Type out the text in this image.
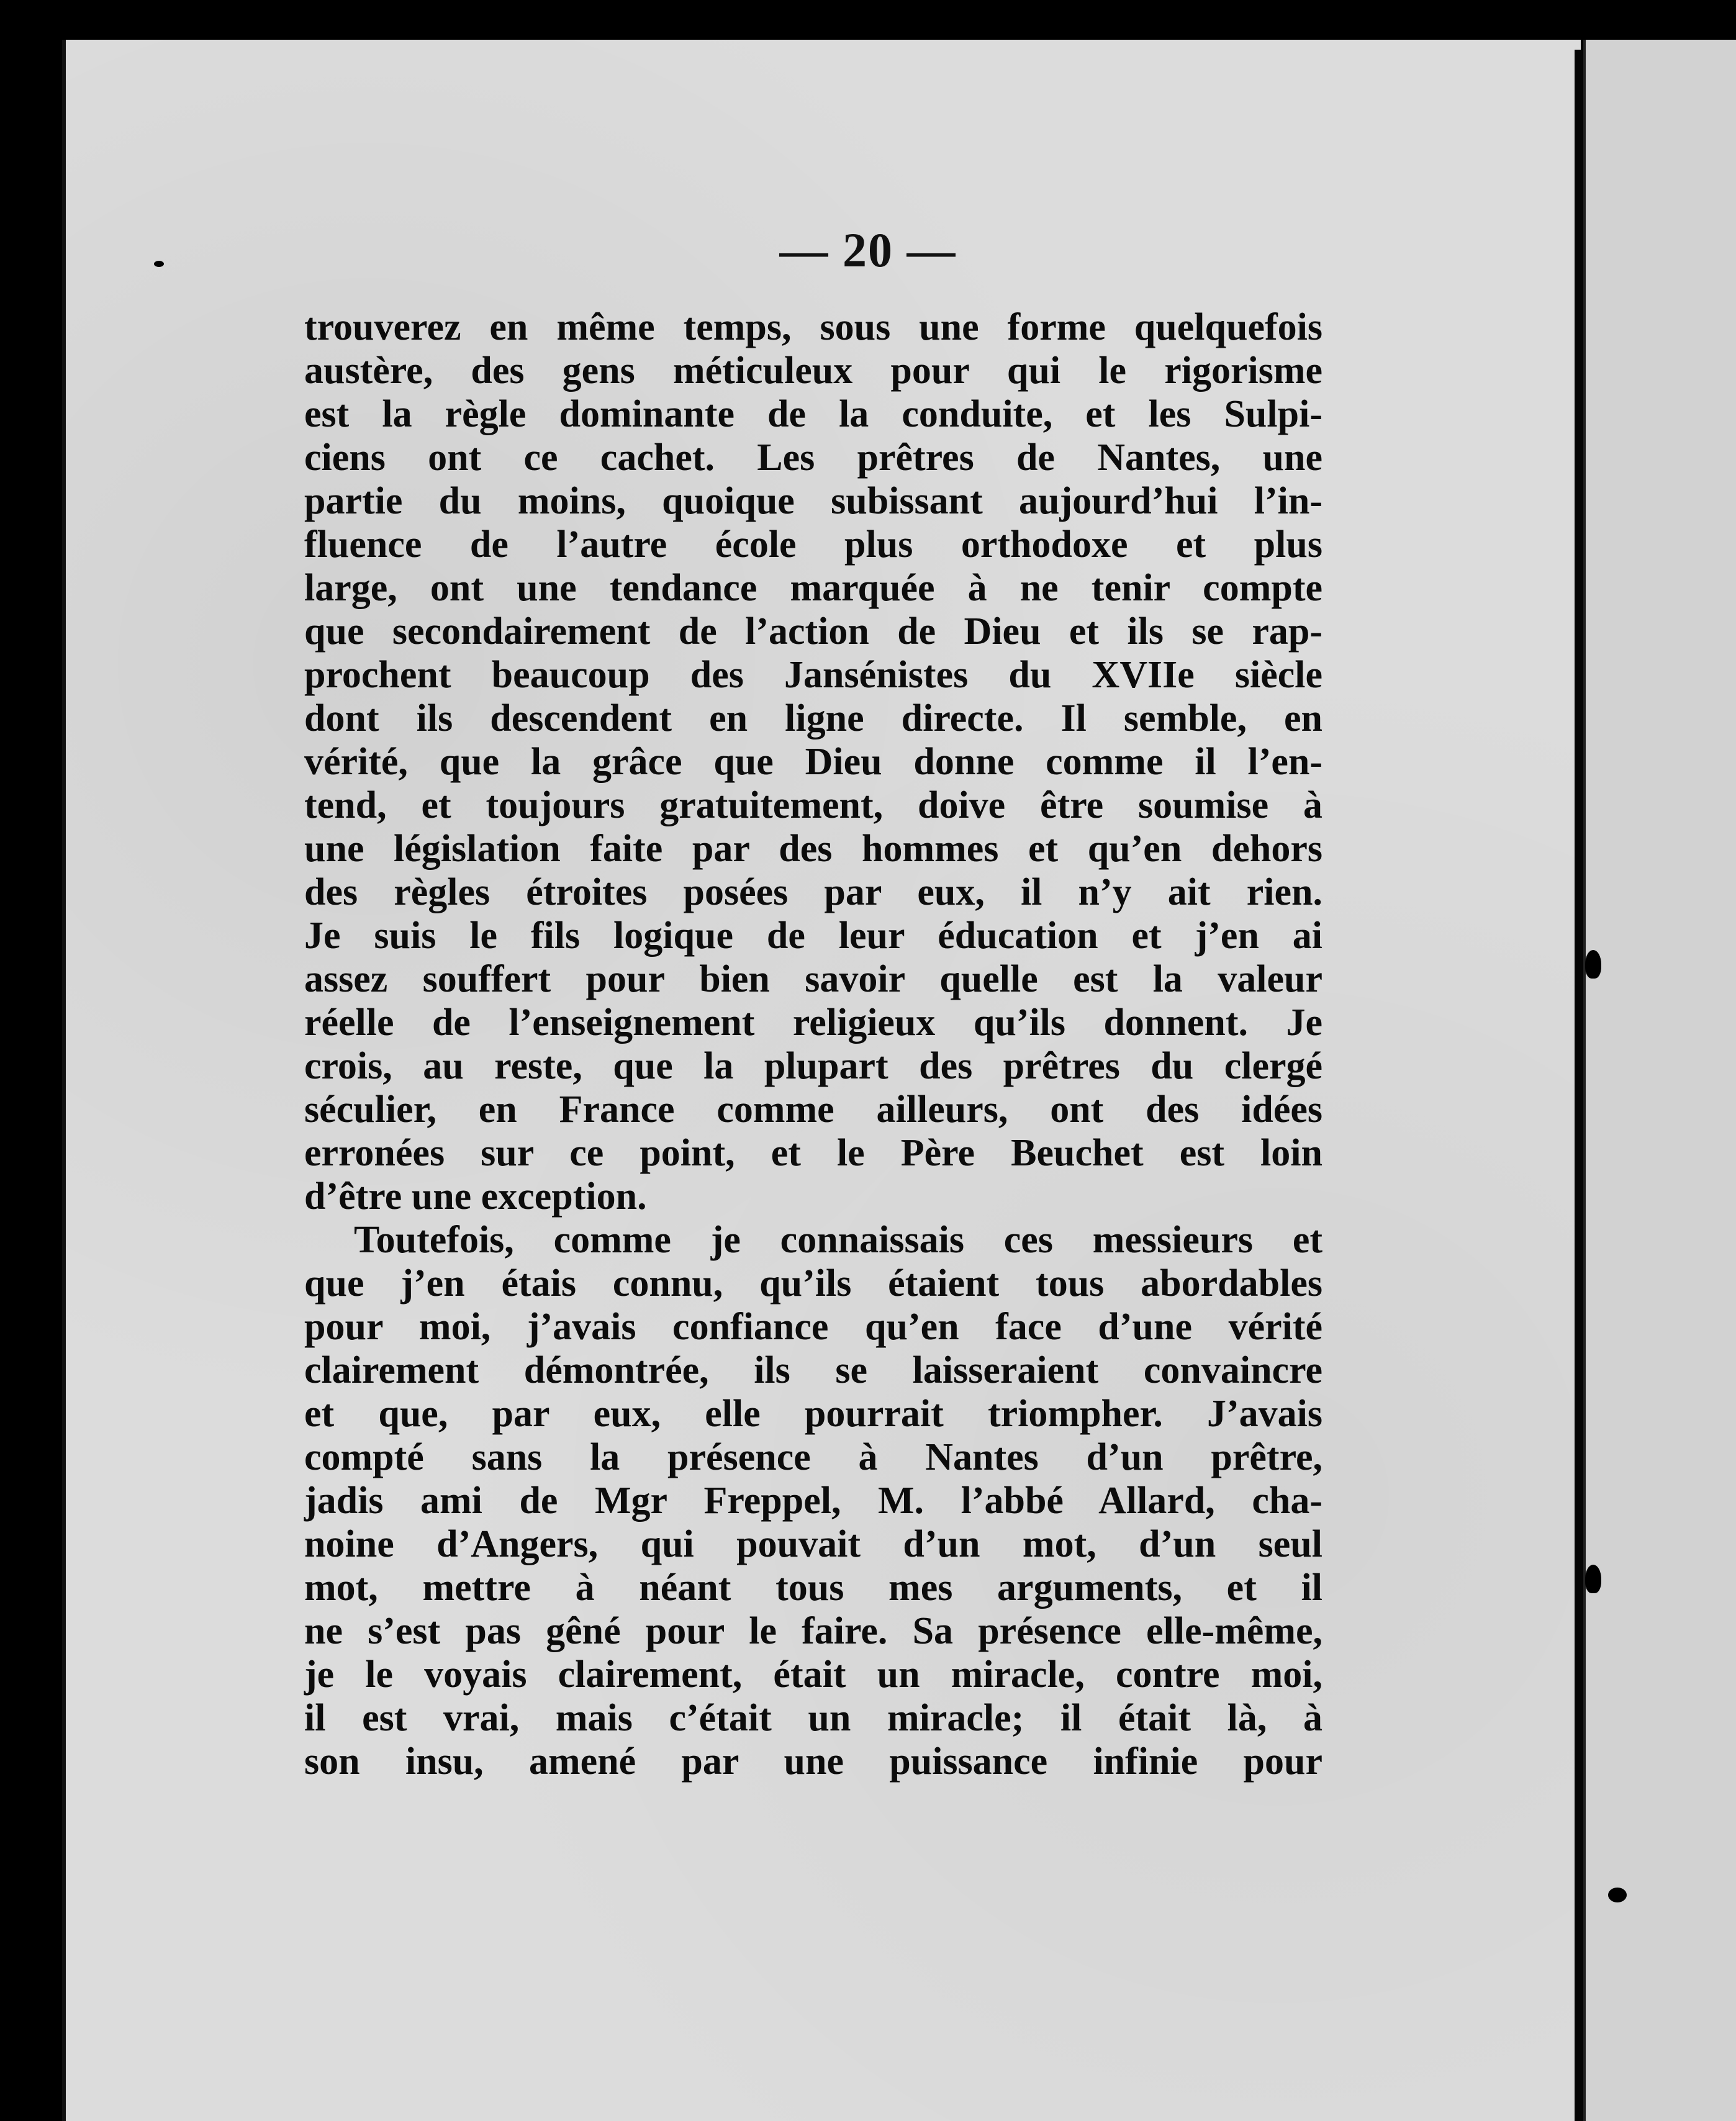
— 20 —
trouverez en même temps, sous une forme quelquefois
austère, des gens méticuleux pour qui le rigorisme
est la règle dominante de la conduite, et les Sulpi-
ciens ont ce cachet. Les prêtres de Nantes, une
partie du moins, quoique subissant aujourd’hui l’in-
fluence de l’autre école plus orthodoxe et plus
large, ont une tendance marquée à ne tenir compte
que secondairement de l’action de Dieu et ils se rap-
prochent beaucoup des Jansénistes du XVIIe siècle
dont ils descendent en ligne directe. Il semble, en
vérité, que la grâce que Dieu donne comme il l’en-
tend, et toujours gratuitement, doive être soumise à
une législation faite par des hommes et qu’en dehors
des règles étroites posées par eux, il n’y ait rien.
Je suis le fils logique de leur éducation et j’en ai
assez souffert pour bien savoir quelle est la valeur
réelle de l’enseignement religieux qu’ils donnent. Je
crois, au reste, que la plupart des prêtres du clergé
séculier, en France comme ailleurs, ont des idées
erronées sur ce point, et le Père Beuchet est loin
d’être une exception.
Toutefois, comme je connaissais ces messieurs et
que j’en étais connu, qu’ils étaient tous abordables
pour moi, j’avais confiance qu’en face d’une vérité
clairement démontrée, ils se laisseraient convaincre
et que, par eux, elle pourrait triompher. J’avais
compté sans la présence à Nantes d’un prêtre,
jadis ami de Mgr Freppel, M. l’abbé Allard, cha-
noine d’Angers, qui pouvait d’un mot, d’un seul
mot, mettre à néant tous mes arguments, et il
ne s’est pas gêné pour le faire. Sa présence elle-même,
je le voyais clairement, était un miracle, contre moi,
il est vrai, mais c’était un miracle; il était là, à
son insu, amené par une puissance infinie pour
